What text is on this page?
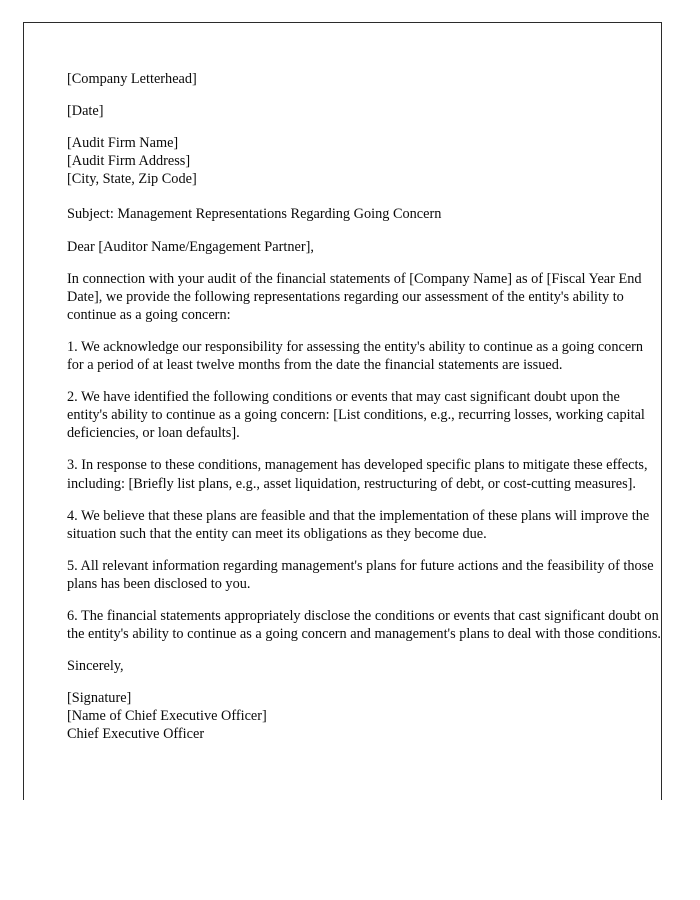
[Company Letterhead]

[Date]

[Audit Firm Name]
[Audit Firm Address]
[City, State, Zip Code]

Subject: Management Representations Regarding Going Concern

Dear [Auditor Name/Engagement Partner],

In connection with your audit of the financial statements of [Company Name] as of [Fiscal Year End Date], we provide the following representations regarding our assessment of the entity's ability to continue as a going concern:

1. We acknowledge our responsibility for assessing the entity's ability to continue as a going concern for a period of at least twelve months from the date the financial statements are issued.

2. We have identified the following conditions or events that may cast significant doubt upon the entity's ability to continue as a going concern: [List conditions, e.g., recurring losses, working capital deficiencies, or loan defaults].

3. In response to these conditions, management has developed specific plans to mitigate these effects, including: [Briefly list plans, e.g., asset liquidation, restructuring of debt, or cost-cutting measures].

4. We believe that these plans are feasible and that the implementation of these plans will improve the situation such that the entity can meet its obligations as they become due.

5. All relevant information regarding management's plans for future actions and the feasibility of those plans has been disclosed to you.

6. The financial statements appropriately disclose the conditions or events that cast significant doubt on the entity's ability to continue as a going concern and management's plans to deal with those conditions.

Sincerely,

[Signature]
[Name of Chief Executive Officer]
Chief Executive Officer
